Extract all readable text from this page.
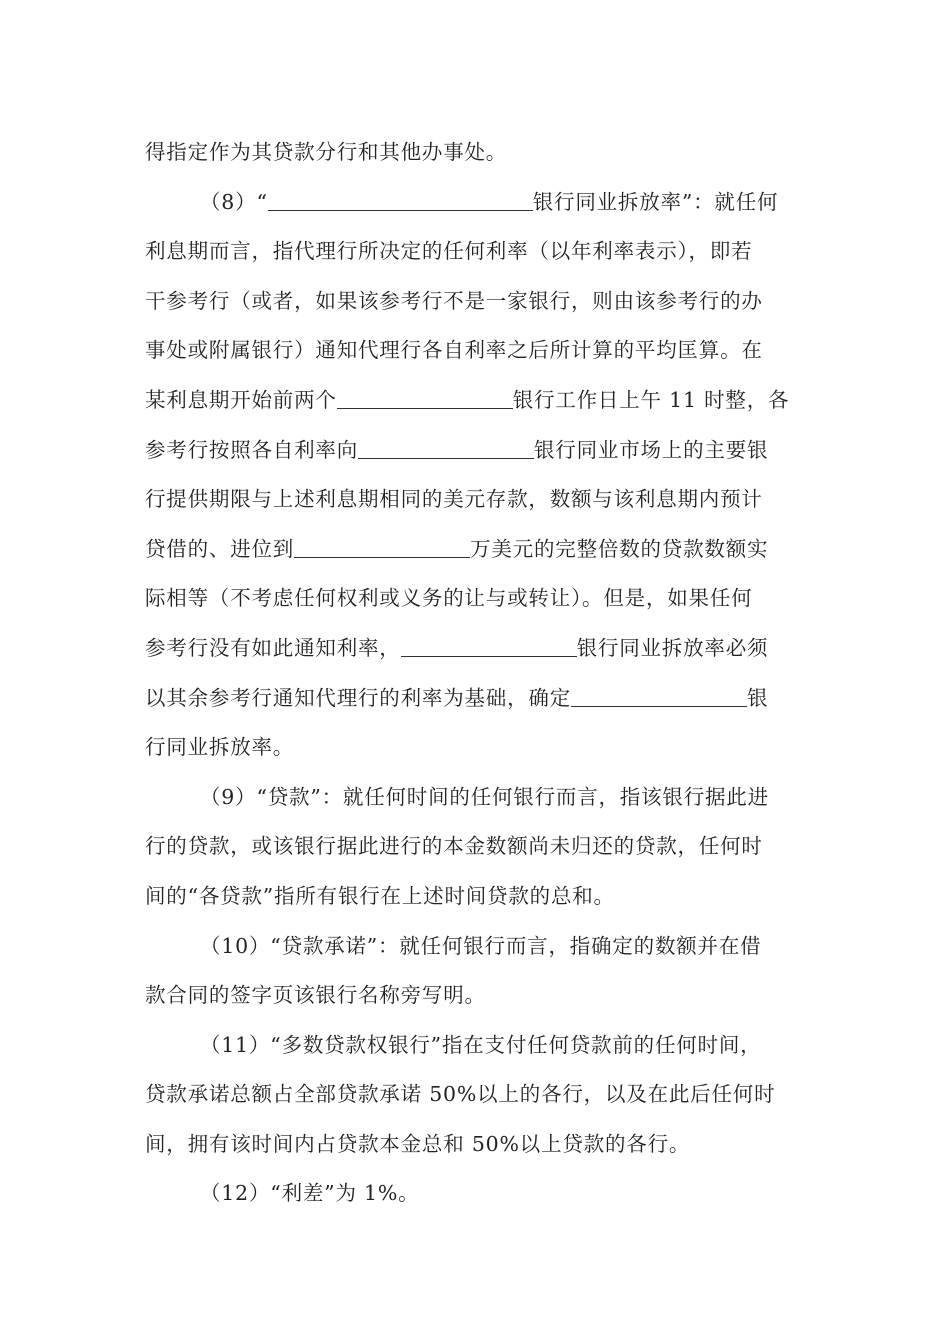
得指定作为其贷款分行和其他办事处。

（8）“	银行同业拆放率”：就任何
利息期而言，指代理行所决定的任何利率（以年利率表示），即若
干参考行（或者，如果该参考行不是一家银行，则由该参考行的办
事处或附属银行）通知代理行各自利率之后所计算的平均匡算。在
某利息期开始前两个	银行工作日上午 11 时整，各
参考行按照各自利率向	银行同业市场上的主要银
行提供期限与上述利息期相同的美元存款，数额与该利息期内预计
贷借的、进位到	万美元的完整倍数的贷款数额实
际相等（不考虑任何权利或义务的让与或转让）。但是，如果任何
参考行没有如此通知利率，	银行同业拆放率必须
以其余参考行通知代理行的利率为基础，确定	银
行同业拆放率。

（9）“贷款”：就任何时间的任何银行而言，指该银行据此进
行的贷款，或该银行据此进行的本金数额尚未归还的贷款，任何时
间的“各贷款”指所有银行在上述时间贷款的总和。

（10）“贷款承诺”：就任何银行而言，指确定的数额并在借
款合同的签字页该银行名称旁写明。

（11）“多数贷款权银行”指在支付任何贷款前的任何时间，
贷款承诺总额占全部贷款承诺 50%以上的各行，以及在此后任何时
间，拥有该时间内占贷款本金总和 50%以上贷款的各行。

（12）“利差”为 1%。
